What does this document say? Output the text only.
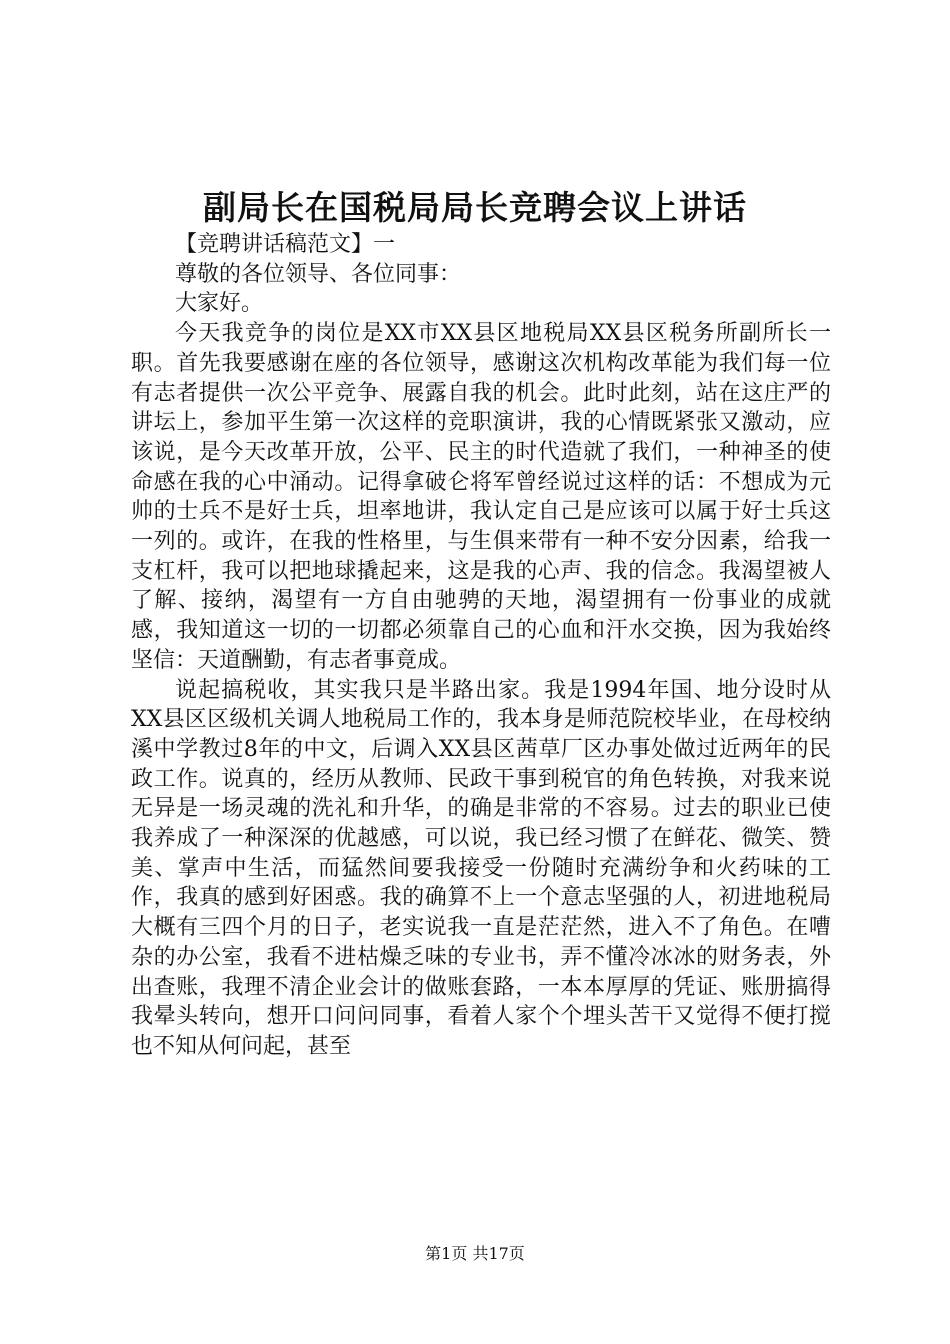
副局长在国税局局长竞聘会议上讲话

【竞聘讲话稿范文】一

尊敬的各位领导、各位同事：

大家好。

今天我竞争的岗位是XX市XX县区地税局XX县区税务所副所长一职。首先我要感谢在座的各位领导，感谢这次机构改革能为我们每一位有志者提供一次公平竞争、展露自我的机会。此时此刻，站在这庄严的讲坛上，参加平生第一次这样的竞职演讲，我的心情既紧张又激动，应该说，是今天改革开放，公平、民主的时代造就了我们，一种神圣的使命感在我的心中涌动。记得拿破仑将军曾经说过这样的话：不想成为元帅的士兵不是好士兵，坦率地讲，我认定自己是应该可以属于好士兵这一列的。或许，在我的性格里，与生俱来带有一种不安分因素，给我一支杠杆，我可以把地球撬起来，这是我的心声、我的信念。我渴望被人了解、接纳，渴望有一方自由驰骋的天地，渴望拥有一份事业的成就感，我知道这一切的一切都必须靠自己的心血和汗水交换，因为我始终坚信：天道酬勤，有志者事竟成。

说起搞税收，其实我只是半路出家。我是1994年国、地分设时从XX县区区级机关调人地税局工作的，我本身是师范院校毕业，在母校纳溪中学教过8年的中文，后调入XX县区茜草厂区办事处做过近两年的民政工作。说真的，经历从教师、民政干事到税官的角色转换，对我来说无异是一场灵魂的洗礼和升华，的确是非常的不容易。过去的职业已使我养成了一种深深的优越感，可以说，我已经习惯了在鲜花、微笑、赞美、掌声中生活，而猛然间要我接受一份随时充满纷争和火药味的工作，我真的感到好困惑。我的确算不上一个意志坚强的人，初进地税局大概有三四个月的日子，老实说我一直是茫茫然，进入不了角色。在嘈杂的办公室，我看不进枯燥乏味的专业书，弄不懂冷冰冰的财务表，外出查账，我理不清企业会计的做账套路，一本本厚厚的凭证、账册搞得我晕头转向，想开口问问同事，看着人家个个埋头苦干又觉得不便打搅也不知从何问起，甚至

第1页 共17页
